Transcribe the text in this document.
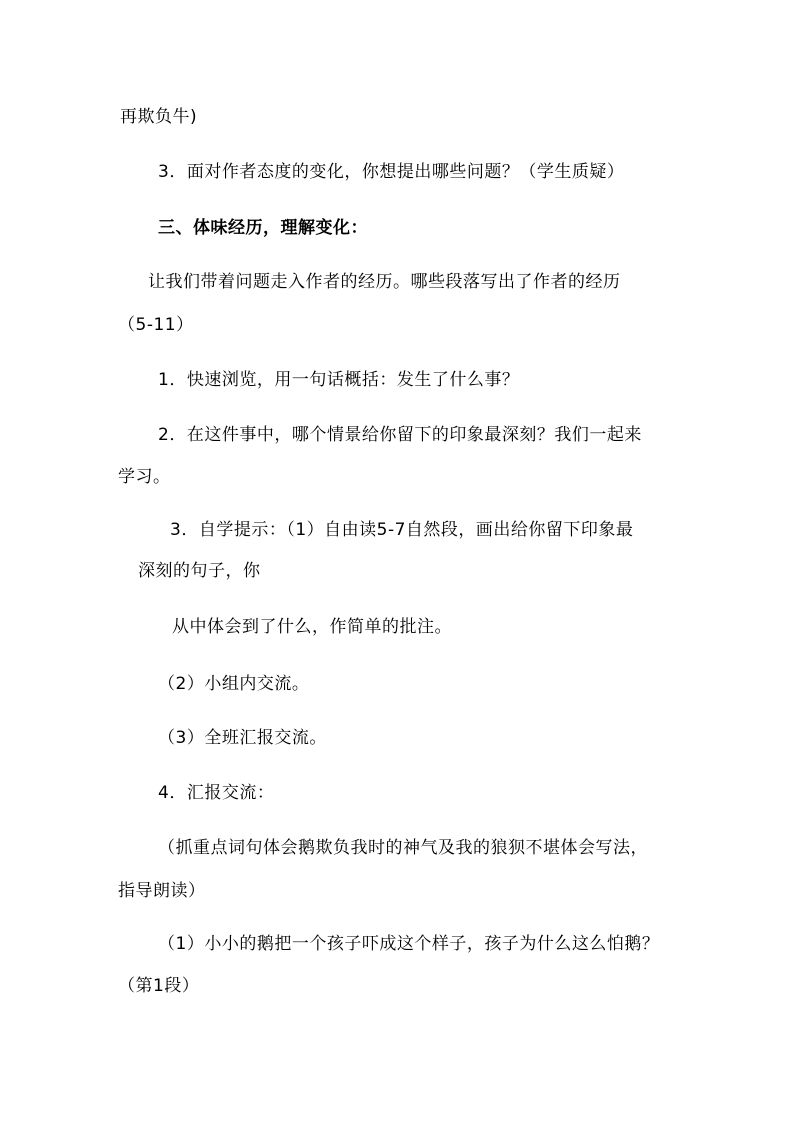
再欺负牛)
3．面对作者态度的变化，你想提出哪些问题？（学生质疑）
三、体味经历，理解变化：
让我们带着问题走入作者的经历。哪些段落写出了作者的经历
（5-11）
1．快速浏览，用一句话概括：发生了什么事？
2．在这件事中，哪个情景给你留下的印象最深刻？我们一起来
学习。
3．自学提示：（1）自由读5-7自然段，画出给你留下印象最
深刻的句子，你
从中体会到了什么，作简单的批注。
（2）小组内交流。
（3）全班汇报交流。
4．汇报交流：
（抓重点词句体会鹅欺负我时的神气及我的狼狈不堪体会写法，
指导朗读）
（1）小小的鹅把一个孩子吓成这个样子，孩子为什么这么怕鹅？
（第1段）
